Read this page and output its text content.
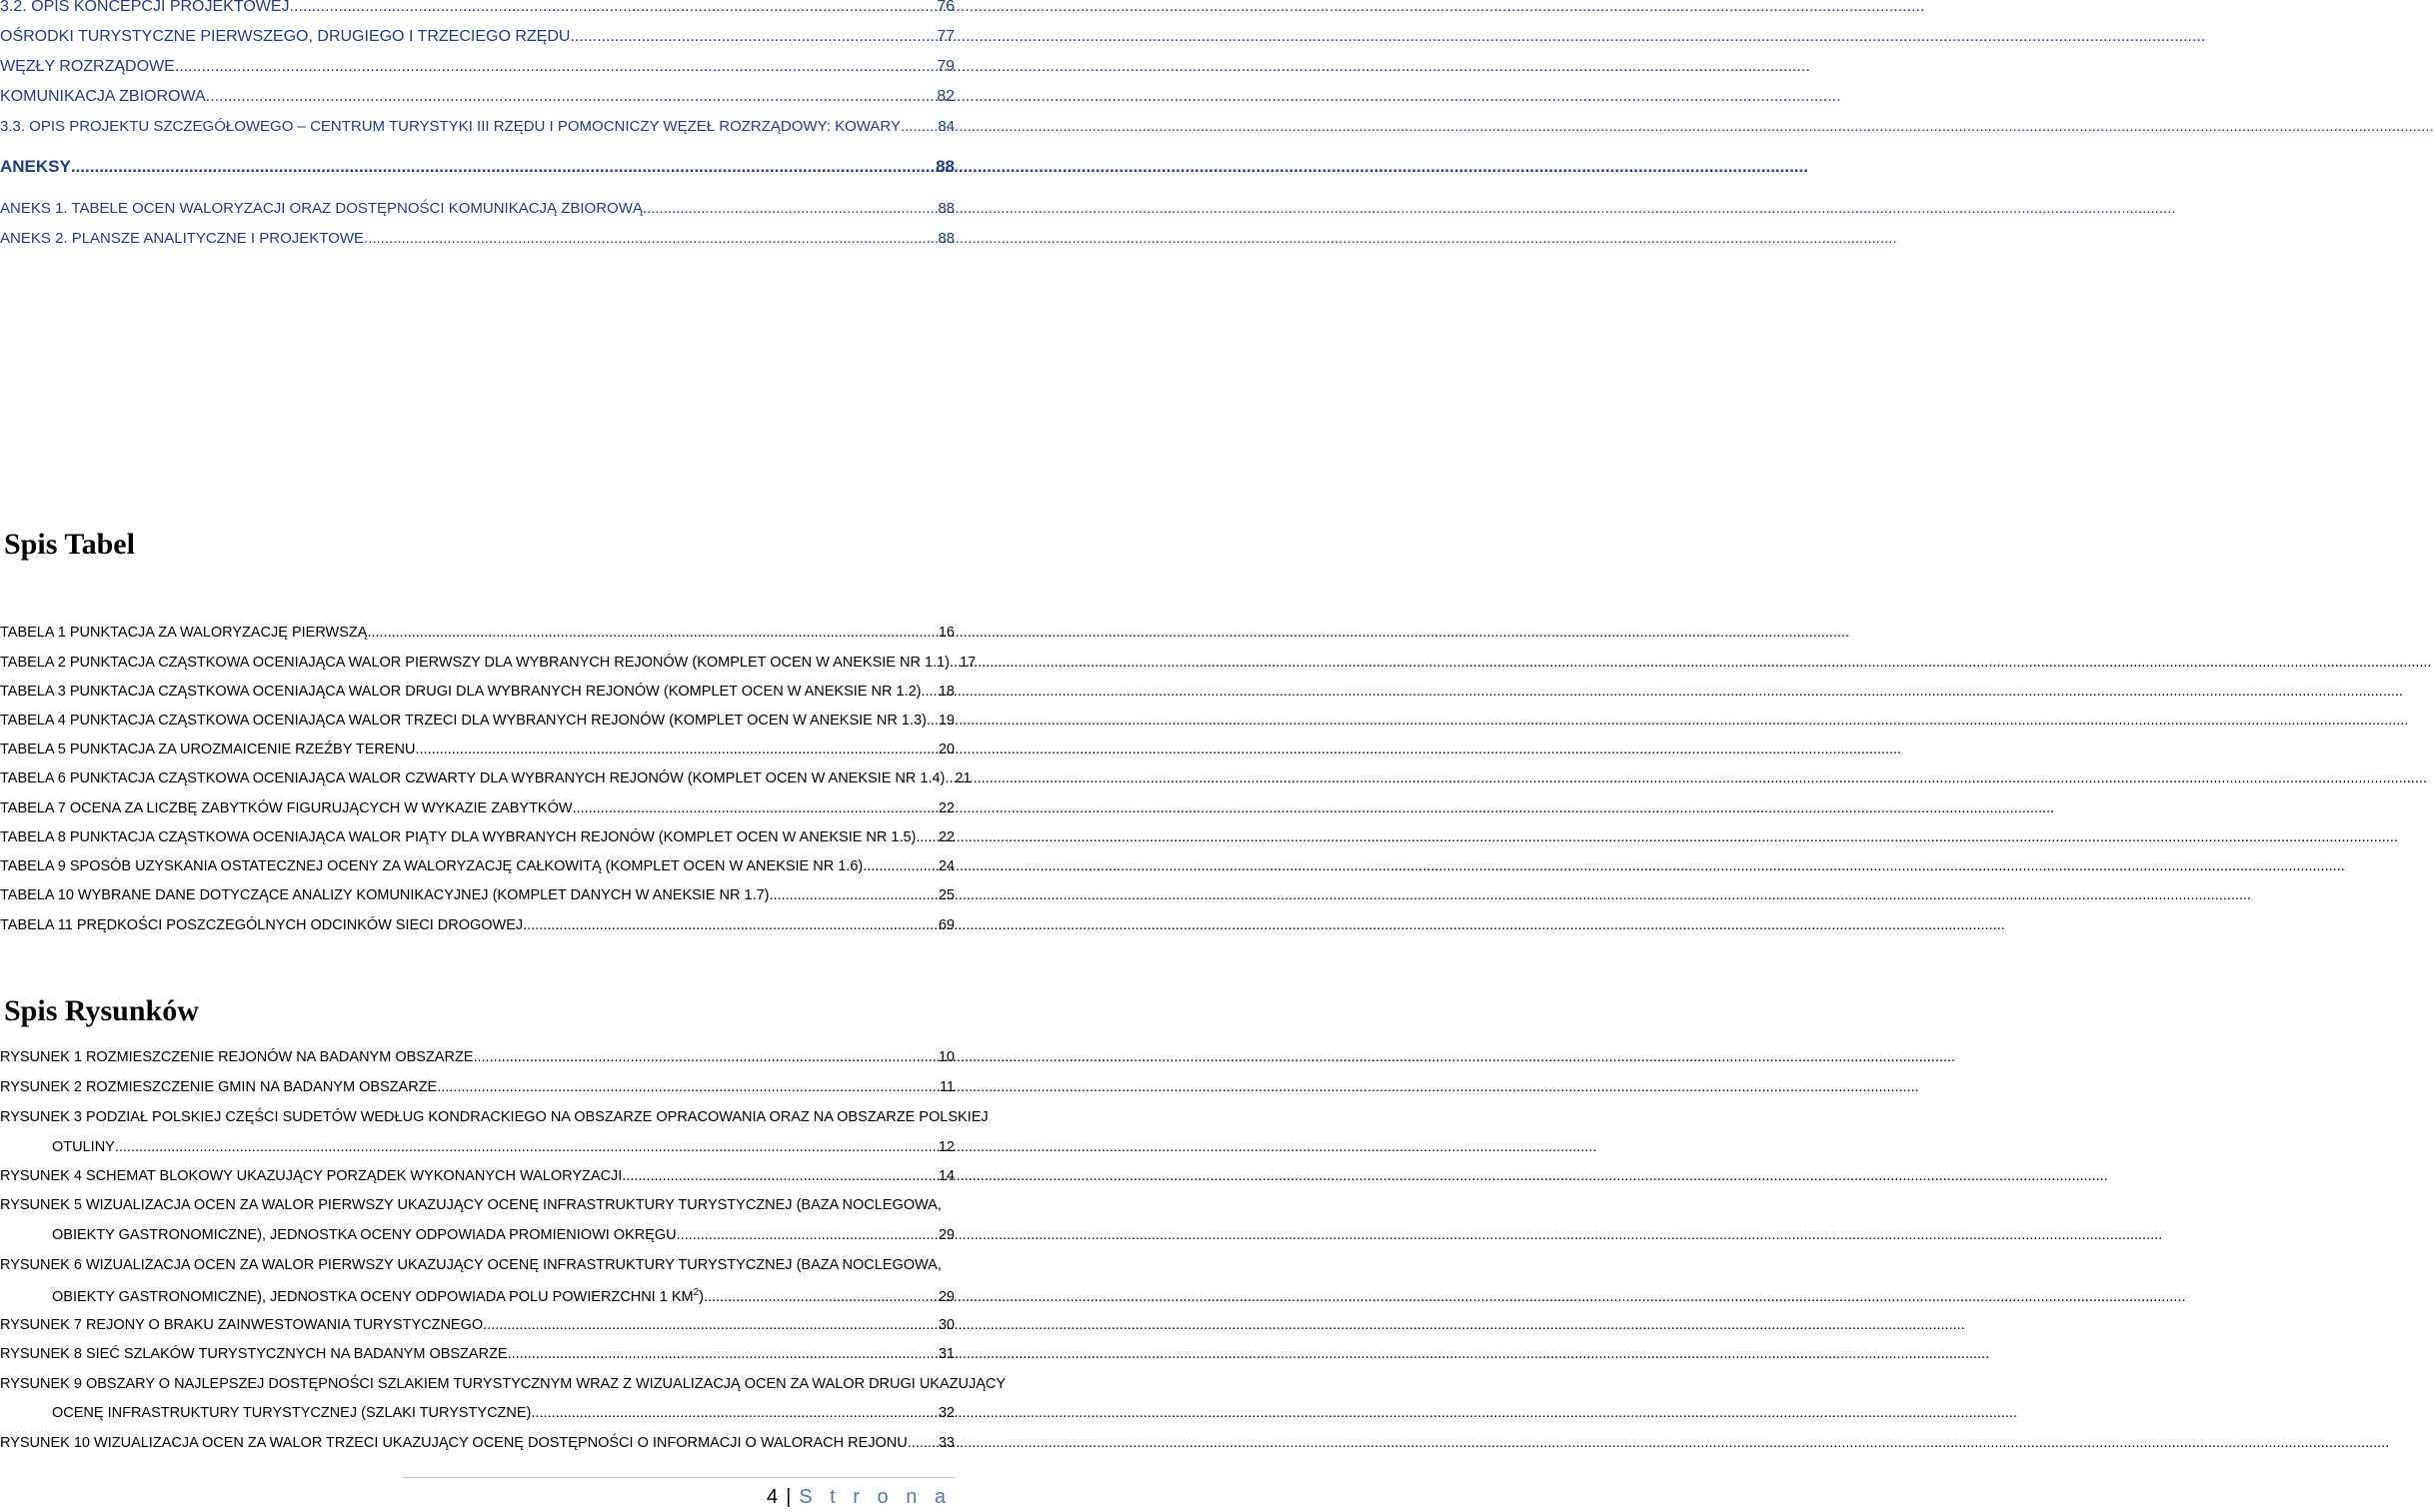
3.2. OPIS KONCEPCJI PROJEKTOWEJ .....	76
OŚRODKI TURYSTYCZNE PIERWSZEGO, DRUGIEGO I TRZECIEGO RZĘDU .....	77
WĘZŁY ROZRZĄDOWE .....	79
KOMUNIKACJA ZBIOROWA .....	82
3.3. OPIS PROJEKTU SZCZEGÓŁOWEGO – CENTRUM TURYSTYKI III RZĘDU I POMOCNICZY WĘZEŁ ROZRZĄDOWY: KOWARY ..... 84
ANEKSY .....	88
ANEKS 1. TABELE OCEN WALORYZACJI ORAZ DOSTĘPNOŚCI KOMUNIKACJĄ ZBIOROWĄ .....	88
ANEKS 2. PLANSZE ANALITYCZNE I PROJEKTOWE .....	88
Spis Tabel
TABELA 1 PUNKTACJA ZA WALORYZACJĘ PIERWSZĄ .....	16
TABELA 2 PUNKTACJA CZĄSTKOWA OCENIAJĄCA WALOR PIERWSZY DLA WYBRANYCH REJONÓW (KOMPLET OCEN W ANEKSIE NR 1.1) ..... 17
TABELA 3 PUNKTACJA CZĄSTKOWA OCENIAJĄCA WALOR DRUGI DLA WYBRANYCH REJONÓW (KOMPLET OCEN W ANEKSIE NR 1.2) ..... 18
TABELA 4 PUNKTACJA CZĄSTKOWA OCENIAJĄCA WALOR TRZECI DLA WYBRANYCH REJONÓW (KOMPLET OCEN W ANEKSIE NR 1.3) ..... 19
TABELA 5 PUNKTACJA ZA UROZMAICENIE RZEŹBY TERENU. .....	20
TABELA 6 PUNKTACJA CZĄSTKOWA OCENIAJĄCA WALOR CZWARTY DLA WYBRANYCH REJONÓW (KOMPLET OCEN W ANEKSIE NR 1.4) ..... 21
TABELA 7 OCENA ZA LICZBĘ ZABYTKÓW FIGURUJĄCYCH W WYKAZIE ZABYTKÓW .....	22
TABELA 8 PUNKTACJA CZĄSTKOWA OCENIAJĄCA WALOR PIĄTY DLA WYBRANYCH REJONÓW (KOMPLET OCEN W ANEKSIE NR 1.5) ..... 22
TABELA 9 SPOSÓB UZYSKANIA OSTATECZNEJ OCENY ZA WALORYZACJĘ CAŁKOWITĄ (KOMPLET OCEN W ANEKSIE NR 1.6) .....	24
TABELA 10 WYBRANE DANE DOTYCZĄCE ANALIZY KOMUNIKACYJNEJ (KOMPLET DANYCH W ANEKSIE NR 1.7) .....	25
TABELA 11 PRĘDKOŚCI POSZCZEGÓLNYCH ODCINKÓW SIECI DROGOWEJ .....	69
Spis Rysunków
RYSUNEK 1 ROZMIESZCZENIE REJONÓW NA BADANYM OBSZARZE .....	10
RYSUNEK 2 ROZMIESZCZENIE GMIN NA BADANYM OBSZARZE .....	11
RYSUNEK 3 PODZIAŁ POLSKIEJ CZĘŚCI SUDETÓW WEDŁUG KONDRACKIEGO NA OBSZARZE OPRACOWANIA ORAZ NA OBSZARZE POLSKIEJ
OTULINY .....	12
RYSUNEK 4 SCHEMAT BLOKOWY UKAZUJĄCY PORZĄDEK WYKONANYCH WALORYZACJI. .....	14
RYSUNEK 5 WIZUALIZACJA OCEN ZA WALOR PIERWSZY UKAZUJĄCY OCENĘ INFRASTRUKTURY TURYSTYCZNEJ (BAZA NOCLEGOWA,
OBIEKTY GASTRONOMICZNE), JEDNOSTKA OCENY ODPOWIADA PROMIENIOWI OKRĘGU. .....	29
RYSUNEK 6 WIZUALIZACJA OCEN ZA WALOR PIERWSZY UKAZUJĄCY OCENĘ INFRASTRUKTURY TURYSTYCZNEJ (BAZA NOCLEGOWA,
OBIEKTY GASTRONOMICZNE), JEDNOSTKA OCENY ODPOWIADA POLU POWIERZCHNI 1 $KM^2$) .....	29
RYSUNEK 7 REJONY O BRAKU ZAINWESTOWANIA TURYSTYCZNEGO .....	30
RYSUNEK 8 SIEĆ SZLAKÓW TURYSTYCZNYCH NA BADANYM OBSZARZE .....	31
RYSUNEK 9 OBSZARY O NAJLEPSZEJ DOSTĘPNOŚCI SZLAKIEM TURYSTYCZNYM WRAZ Z WIZUALIZACJĄ OCEN ZA WALOR DRUGI UKAZUJĄCY
OCENĘ INFRASTRUKTURY TURYSTYCZNEJ (SZLAKI TURYSTYCZNE). .....	32
RYSUNEK 10 WIZUALIZACJA OCEN ZA WALOR TRZECI UKAZUJĄCY OCENĘ DOSTĘPNOŚCI O INFORMACJI O WALORACH REJONU ..... 33
4 | S t r o n a
